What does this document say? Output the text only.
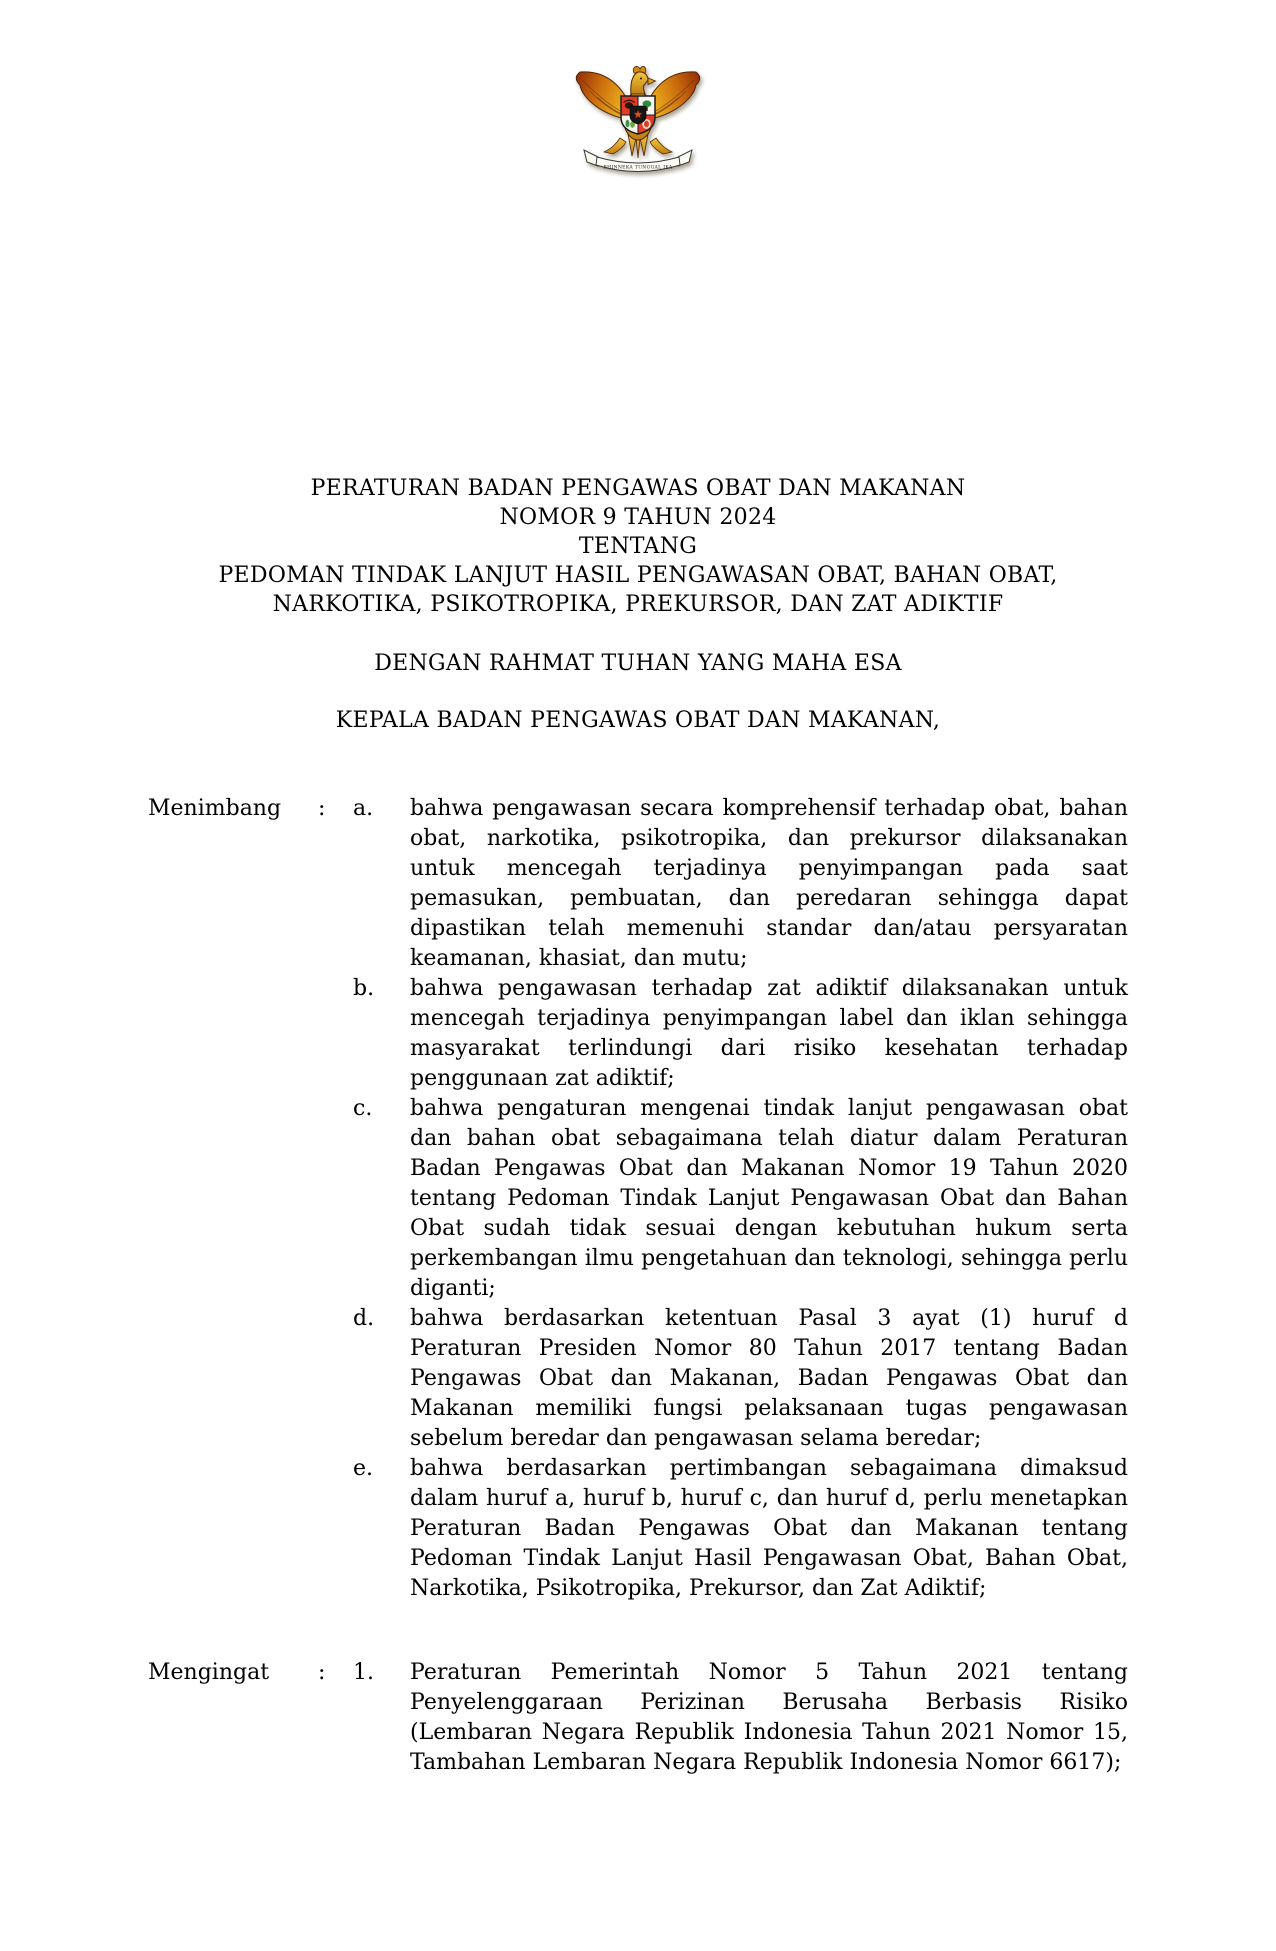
BHINNEKA TUNGGAL IKA
PERATURAN BADAN PENGAWAS OBAT DAN MAKANAN
NOMOR 9 TAHUN 2024
TENTANG
PEDOMAN TINDAK LANJUT HASIL PENGAWASAN OBAT, BAHAN OBAT,
NARKOTIKA, PSIKOTROPIKA, PREKURSOR, DAN ZAT ADIKTIF
DENGAN RAHMAT TUHAN YANG MAHA ESA
KEPALA BADAN PENGAWAS OBAT DAN MAKANAN,
Menimbang	:	a.	bahwa pengawasan secara komprehensif terhadap obat, bahan obat, narkotika, psikotropika, dan prekursor dilaksanakan untuk mencegah terjadinya penyimpangan pada saat pemasukan, pembuatan, dan peredaran sehingga dapat dipastikan telah memenuhi standar dan/atau persyaratan keamanan, khasiat, dan mutu;
b.	bahwa pengawasan terhadap zat adiktif dilaksanakan untuk mencegah terjadinya penyimpangan label dan iklan sehingga masyarakat terlindungi dari risiko kesehatan terhadap penggunaan zat adiktif;
c.	bahwa pengaturan mengenai tindak lanjut pengawasan obat dan bahan obat sebagaimana telah diatur dalam Peraturan Badan Pengawas Obat dan Makanan Nomor 19 Tahun 2020 tentang Pedoman Tindak Lanjut Pengawasan Obat dan Bahan Obat sudah tidak sesuai dengan kebutuhan hukum serta perkembangan ilmu pengetahuan dan teknologi, sehingga perlu diganti;
d.	bahwa berdasarkan ketentuan Pasal 3 ayat (1) huruf d Peraturan Presiden Nomor 80 Tahun 2017 tentang Badan Pengawas Obat dan Makanan, Badan Pengawas Obat dan Makanan memiliki fungsi pelaksanaan tugas pengawasan sebelum beredar dan pengawasan selama beredar;
e.	bahwa berdasarkan pertimbangan sebagaimana dimaksud dalam huruf a, huruf b, huruf c, dan huruf d, perlu menetapkan Peraturan Badan Pengawas Obat dan Makanan tentang Pedoman Tindak Lanjut Hasil Pengawasan Obat, Bahan Obat, Narkotika, Psikotropika, Prekursor, dan Zat Adiktif;
Mengingat	:	1.	Peraturan Pemerintah Nomor 5 Tahun 2021 tentang Penyelenggaraan Perizinan Berusaha Berbasis Risiko (Lembaran Negara Republik Indonesia Tahun 2021 Nomor 15, Tambahan Lembaran Negara Republik Indonesia Nomor 6617);
